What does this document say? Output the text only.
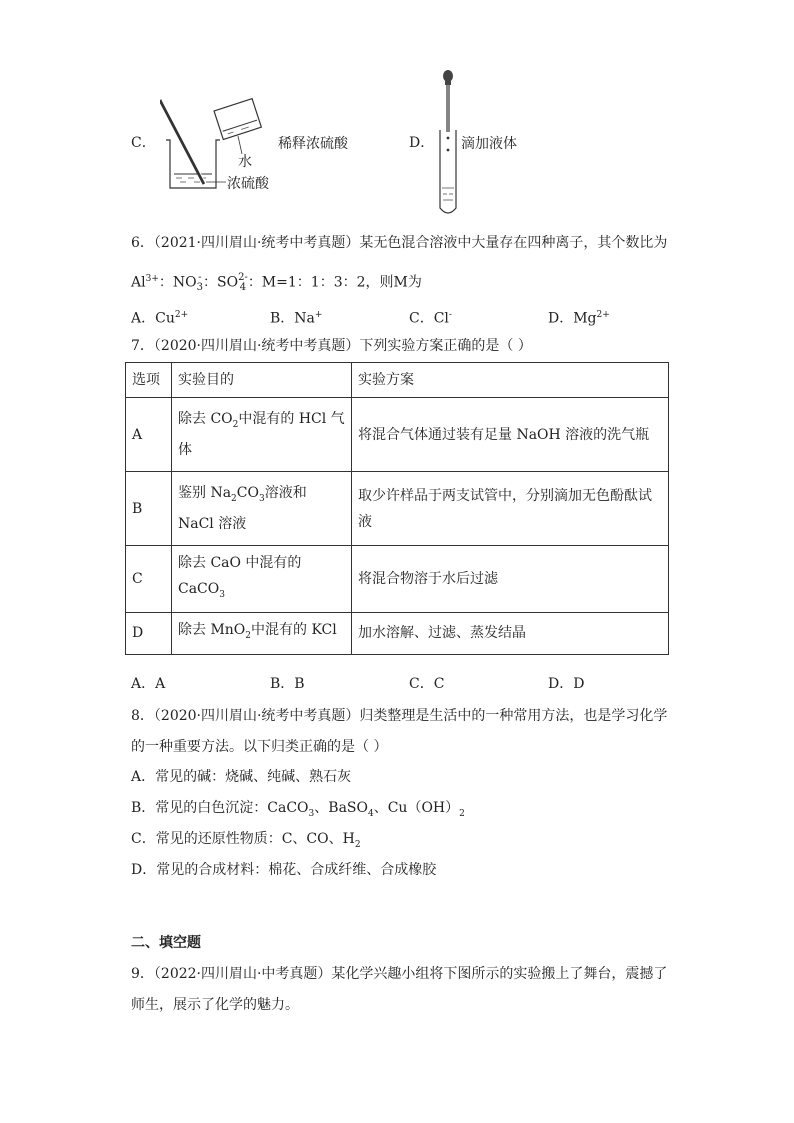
C．
水
浓硫酸
稀释浓硫酸	D． 滴加液体
6．（2021·四川眉山·统考中考真题）某无色混合溶液中大量存在四种离子，其个数比为
$Al^{3+}$：NO-
3：SO2-
4 ：M=1：1：3：2，则M为
A．$Cu^{2+}$	B．Na+	C．Cl-	D．$Mg^{2+}$
7．（2020·四川眉山·统考中考真题）下列实验方案正确的是（ ）
选项	实验目的	实验方案
A	除去 $CO_2$中混有的 HCl 气体	将混合气体通过装有足量 NaOH 溶液的洗气瓶
B	鉴别 $Na_2CO_3$溶液和 NaCl 溶液	取少许样品于两支试管中，分别滴加无色酚酞试液
C	除去 CaO 中混有的 CaCO$_3$	将混合物溶于水后过滤
D	除去 MnO$_2$中混有的 KCl	加水溶解、过滤、蒸发结晶
A．A	B．B	C．C	D．D
8．（2020·四川眉山·统考中考真题）归类整理是生活中的一种常用方法，也是学习化学
的一种重要方法。以下归类正确的是（ ）
A．常见的碱：烧碱、纯碱、熟石灰
B．常见的白色沉淀：CaCO$_3$、BaSO$_4$、$Cu(OH)_2$
C．常见的还原性物质：C、CO、$H_2$
D．常见的合成材料：棉花、合成纤维、合成橡胶
二、填空题
9．（2022·四川眉山·中考真题）某化学兴趣小组将下图所示的实验搬上了舞台，震撼了
师生，展示了化学的魅力。
